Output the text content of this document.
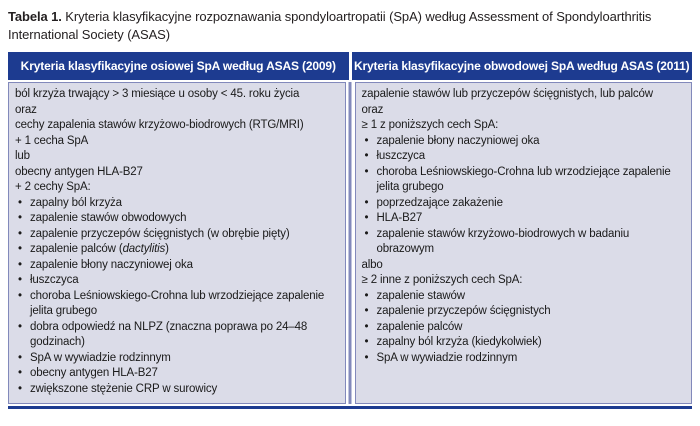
Tabela 1. Kryteria klasyfikacyjne rozpoznawania spondyloartropatii (SpA) według Assessment of Spondyloarthritis International Society (ASAS)
Kryteria klasyfikacyjne osiowej SpA według ASAS (2009)	Kryteria klasyfikacyjne obwodowej SpA według ASAS (2011)
ból krzyża trwający > 3 miesiące u osoby < 45. roku życia
oraz
cechy zapalenia stawów krzyżowo-biodrowych (RTG/MRI)
+ 1 cecha SpA
lub
obecny antygen HLA-B27
+ 2 cechy SpA:
• zapalny ból krzyża
• zapalenie stawów obwodowych
• zapalenie przyczepów ścięgnistych (w obrębie pięty)
• zapalenie palców (dactylitis)
• zapalenie błony naczyniowej oka
• łuszczyca
• choroba Leśniowskiego-Crohna lub wrzodziejące zapalenie jelita grubego
• dobra odpowiedź na NLPZ (znaczna poprawa po 24–48 godzinach)
• SpA w wywiadzie rodzinnym
• obecny antygen HLA-B27
• zwiększone stężenie CRP w surowicy
zapalenie stawów lub przyczepów ścięgnistych, lub palców
oraz
≥ 1 z poniższych cech SpA:
• zapalenie błony naczyniowej oka
• łuszczyca
• choroba Leśniowskiego-Crohna lub wrzodziejące zapalenie jelita grubego
• poprzedzające zakażenie
• HLA-B27
• zapalenie stawów krzyżowo-biodrowych w badaniu obrazowym
albo
≥ 2 inne z poniższych cech SpA:
• zapalenie stawów
• zapalenie przyczepów ścięgnistych
• zapalenie palców
• zapalny ból krzyża (kiedykolwiek)
• SpA w wywiadzie rodzinnym
